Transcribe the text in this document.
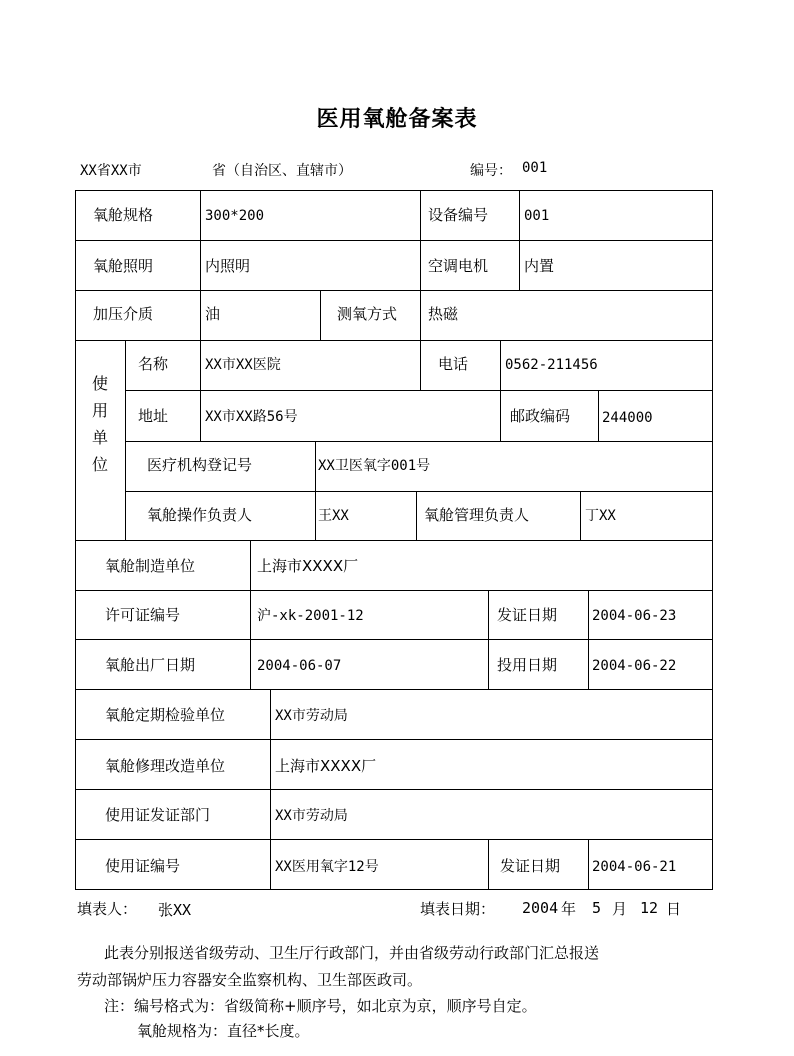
医用氧舱备案表
XX省XX市	省（自治区、直辖市）	编号： 001
氧舱规格	300*200	设备编号	001
氧舱照明	内照明	空调电机 内置
加压介质	油	测氧方式 热磁
使用单位
名称	XX市XX医院	电话	0562-211456
地址	XX市XX路56号	邮政编码 244000
医疗机构登记号	XX卫医氧字001号
氧舱操作负责人	王XX	氧舱管理负责人	丁XX
氧舱制造单位	上海市XXXX厂
许可证编号	沪-xk-2001-12	发证日期 2004-06-23
氧舱出厂日期	2004-06-07	投用日期 2004-06-22
氧舱定期检验单位	XX市劳动局
氧舱修理改造单位	上海市XXXX厂
使用证发证部门	XX市劳动局
使用证编号	XX医用氧字12号	发证日期 2004-06-21
填表人： 张XX	填表日期： 2004 年 5 月 12 日
此表分别报送省级劳动、卫生厅行政部门，并由省级劳动行政部门汇总报送
劳动部锅炉压力容器安全监察机构、卫生部医政司。
注：编号格式为：省级简称+顺序号，如北京为京，顺序号自定。
氧舱规格为：直径*长度。
